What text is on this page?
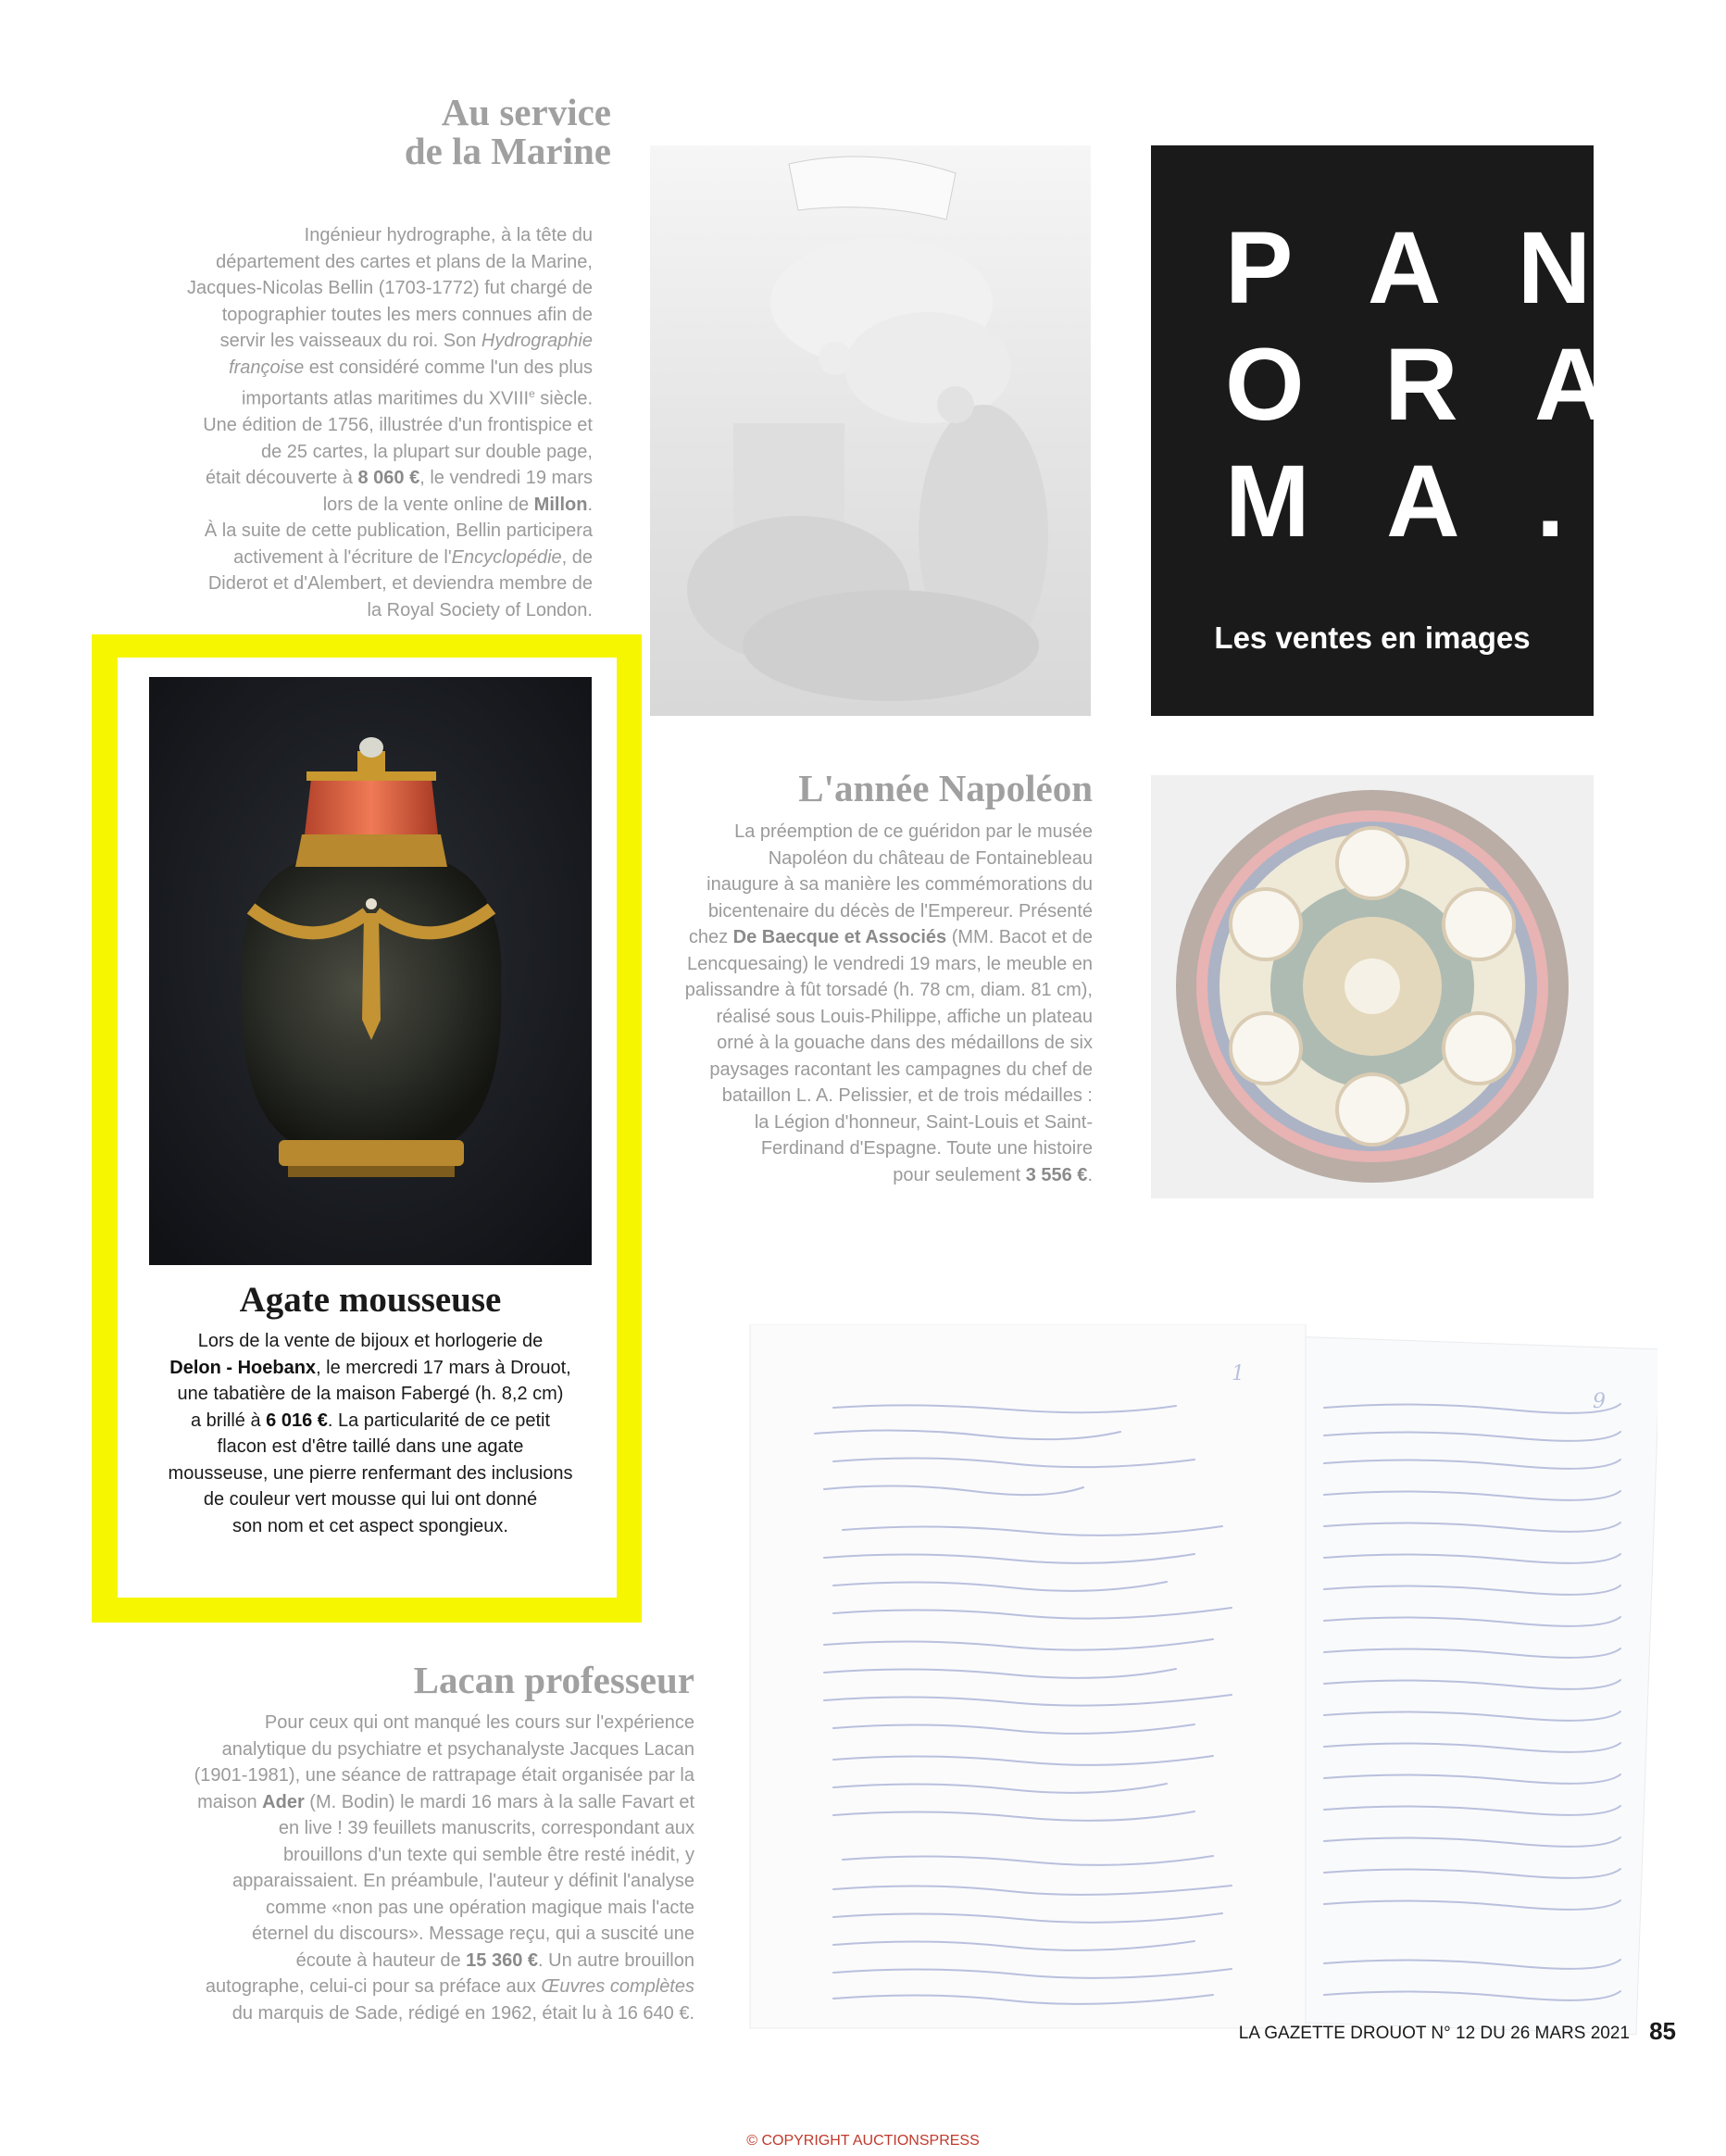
Au service
de la Marine
Ingénieur hydrographe, à la tête du
département des cartes et plans de la Marine,
Jacques-Nicolas Bellin (1703-1772) fut chargé de
topographier toutes les mers connues afin de
servir les vaisseaux du roi. Son Hydrographie
françoise est considéré comme l'un des plus
importants atlas maritimes du XVIIIe siècle.
Une édition de 1756, illustrée d'un frontispice et
de 25 cartes, la plupart sur double page,
était découverte à 8 060 €, le vendredi 19 mars
lors de la vente online de Millon.
À la suite de cette publication, Bellin participera
activement à l'écriture de l'Encyclopédie, de
Diderot et d'Alembert, et deviendra membre de
la Royal Society of London.
P A N
O R A
M A .
Les ventes en images
Agate mousseuse
Lors de la vente de bijoux et horlogerie de
Delon - Hoebanx, le mercredi 17 mars à Drouot,
une tabatière de la maison Fabergé (h. 8,2 cm)
a brillé à 6 016 €. La particularité de ce petit
flacon est d'être taillé dans une agate
mousseuse, une pierre renfermant des inclusions
de couleur vert mousse qui lui ont donné
son nom et cet aspect spongieux.
L'année Napoléon
La préemption de ce guéridon par le musée
Napoléon du château de Fontainebleau
inaugure à sa manière les commémorations du
bicentenaire du décès de l'Empereur. Présenté
chez De Baecque et Associés (MM. Bacot et de
Lencquesaing) le vendredi 19 mars, le meuble en
palissandre à fût torsadé (h. 78 cm, diam. 81 cm),
réalisé sous Louis-Philippe, affiche un plateau
orné à la gouache dans des médaillons de six
paysages racontant les campagnes du chef de
bataillon L. A. Pelissier, et de trois médailles :
la Légion d'honneur, Saint-Louis et Saint-
Ferdinand d'Espagne. Toute une histoire
pour seulement 3 556 €.
Lacan professeur
Pour ceux qui ont manqué les cours sur l'expérience
analytique du psychiatre et psychanalyste Jacques Lacan
(1901-1981), une séance de rattrapage était organisée par la
maison Ader (M. Bodin) le mardi 16 mars à la salle Favart et
en live ! 39 feuillets manuscrits, correspondant aux
brouillons d'un texte qui semble être resté inédit, y
apparaissaient. En préambule, l'auteur y définit l'analyse
comme «non pas une opération magique mais l'acte
éternel du discours». Message reçu, qui a suscité une
écoute à hauteur de 15 360 €. Un autre brouillon
autographe, celui-ci pour sa préface aux Œuvres complètes
du marquis de Sade, rédigé en 1962, était lu à 16 640 €.
1
9
LA GAZETTE DROUOT N° 12 DU 26 MARS 2021 85
© COPYRIGHT AUCTIONSPRESS
